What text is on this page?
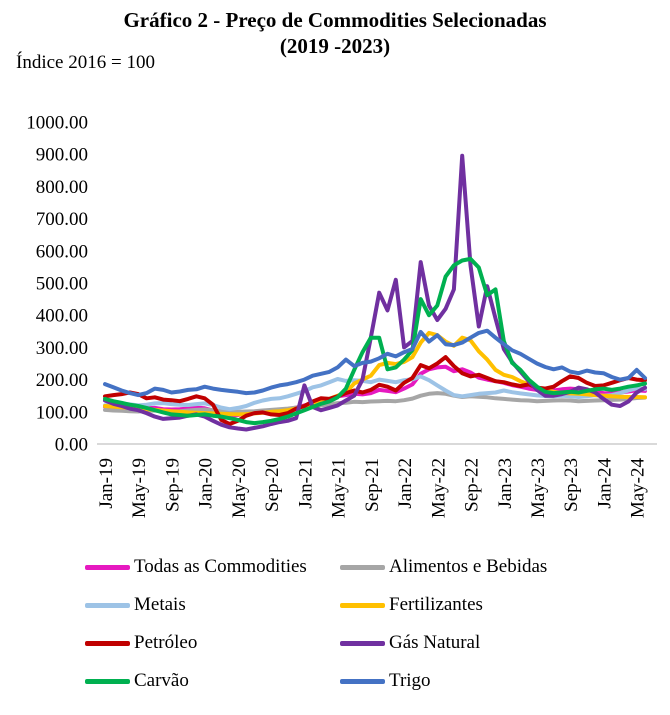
Gráfico 2 - Preço de Commodities Selecionadas
(2019 -2023)
Índice 2016 = 100
0.00
100.00
200.00
300.00
400.00
500.00
600.00
700.00
800.00
900.00
1000.00
Jan-19 May-19 Sep-19 Jan-20 May-20 Sep-20 Jan-21 May-21 Sep-21 Jan-22 May-22 Sep-22 Jan-23 May-23 Sep-23 Jan-24 May-24
Todas as Commodities	Alimentos e Bebidas
Metais	Fertilizantes
Petróleo	Gás Natural
Carvão	Trigo
